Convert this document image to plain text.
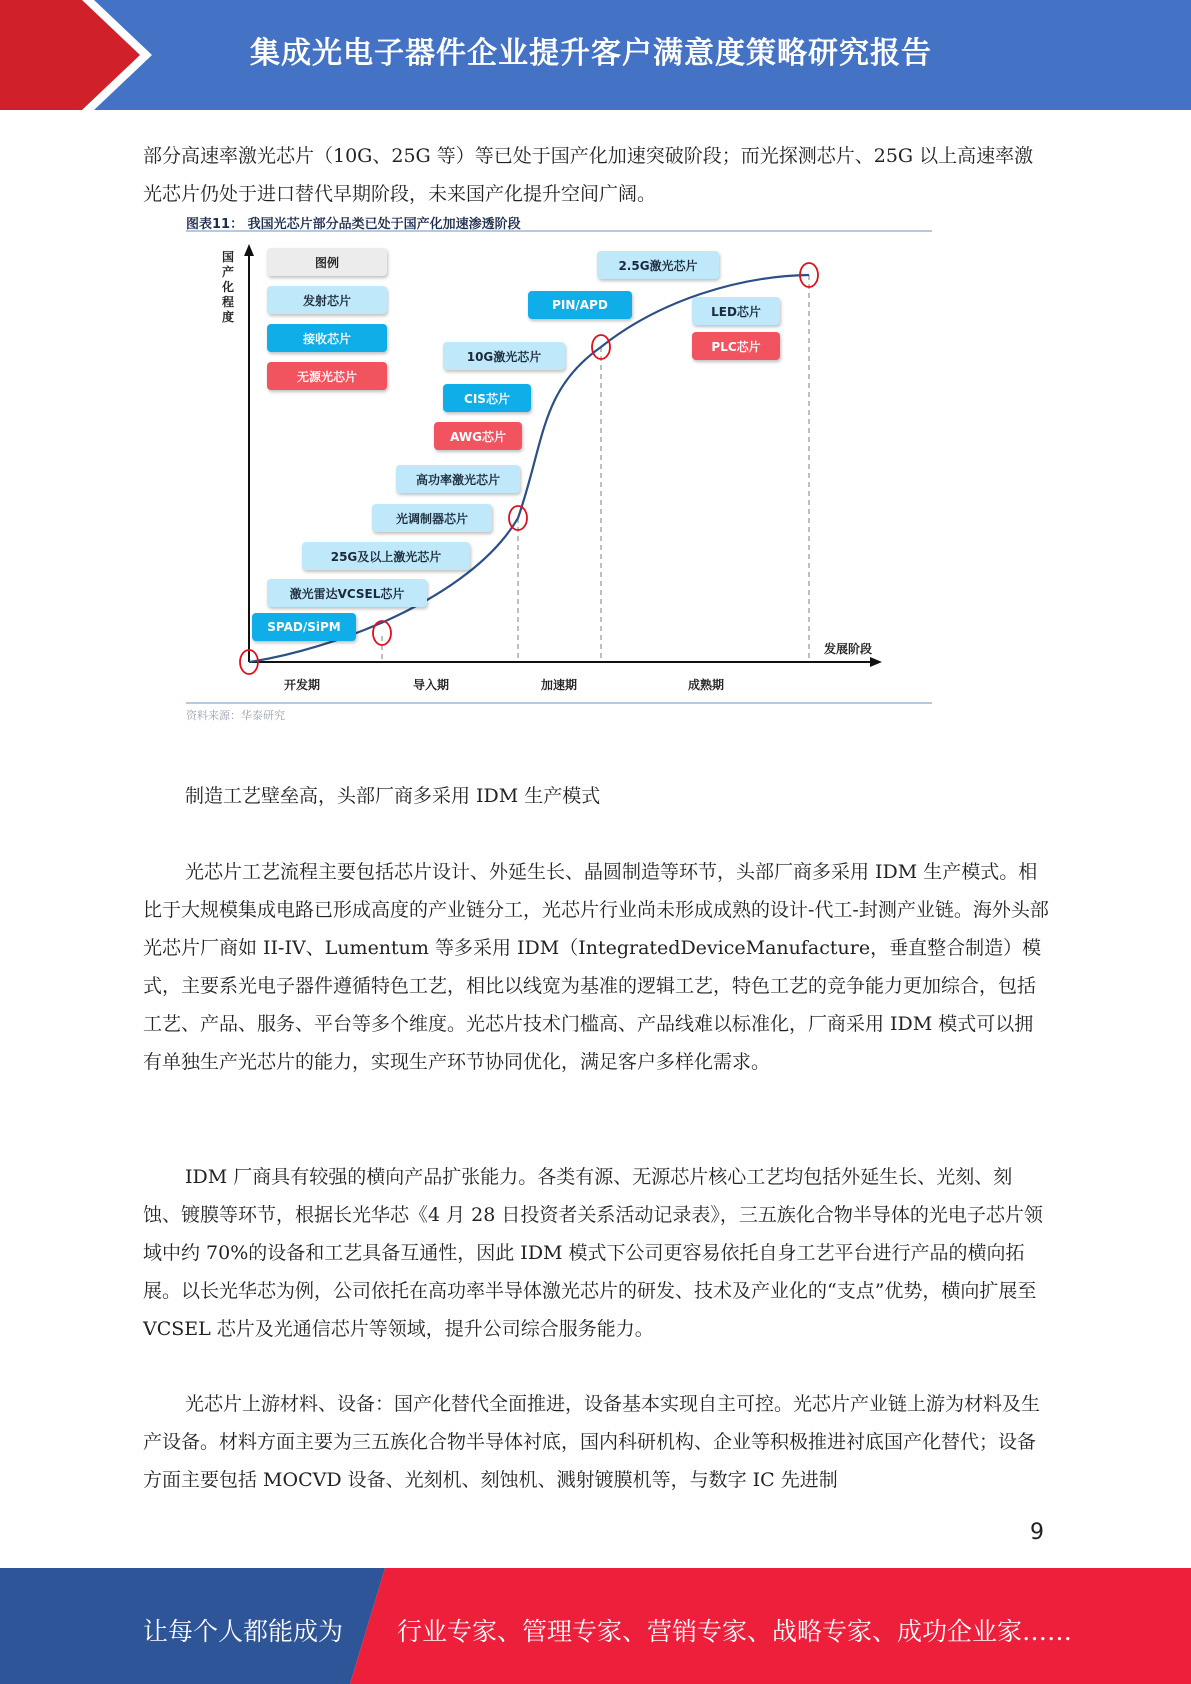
集成光电子器件企业提升客户满意度策略研究报告

部分高速率激光芯片（10G、25G 等）等已处于国产化加速突破阶段；而光探测芯片、25G 以上高速率激光芯片仍处于进口替代早期阶段，未来国产化提升空间广阔。

图表11： 我国光芯片部分品类已处于国产化加速渗透阶段
国产化程度
发展阶段
开发期	导入期	加速期	成熟期
图例
发射芯片
接收芯片
无源光芯片
SPAD/SiPM
激光雷达VCSEL芯片
25G及以上激光芯片
光调制器芯片
高功率激光芯片
AWG芯片
CIS芯片
10G激光芯片
PIN/APD
2.5G激光芯片
LED芯片
PLC芯片
资料来源：华泰研究

制造工艺壁垒高，头部厂商多采用 IDM 生产模式

光芯片工艺流程主要包括芯片设计、外延生长、晶圆制造等环节，头部厂商多采用 IDM 生产模式。相比于大规模集成电路已形成高度的产业链分工，光芯片行业尚未形成成熟的设计-代工-封测产业链。海外头部光芯片厂商如 II-IV、Lumentum 等多采用 IDM（IntegratedDeviceManufacture，垂直整合制造）模式，主要系光电子器件遵循特色工艺，相比以线宽为基准的逻辑工艺，特色工艺的竞争能力更加综合，包括工艺、产品、服务、平台等多个维度。光芯片技术门槛高、产品线难以标准化，厂商采用 IDM 模式可以拥有单独生产光芯片的能力，实现生产环节协同优化，满足客户多样化需求。

IDM 厂商具有较强的横向产品扩张能力。各类有源、无源芯片核心工艺均包括外延生长、光刻、刻蚀、镀膜等环节，根据长光华芯《4 月 28 日投资者关系活动记录表》，三五族化合物半导体的光电子芯片领域中约 70%的设备和工艺具备互通性，因此 IDM 模式下公司更容易依托自身工艺平台进行产品的横向拓展。以长光华芯为例，公司依托在高功率半导体激光芯片的研发、技术及产业化的“支点”优势，横向扩展至 VCSEL 芯片及光通信芯片等领域，提升公司综合服务能力。

光芯片上游材料、设备：国产化替代全面推进，设备基本实现自主可控。光芯片产业链上游为材料及生产设备。材料方面主要为三五族化合物半导体衬底，国内科研机构、企业等积极推进衬底国产化替代；设备方面主要包括 MOCVD 设备、光刻机、刻蚀机、溅射镀膜机等，与数字 IC 先进制

9
让每个人都能成为 行业专家、管理专家、营销专家、战略专家、成功企业家……
